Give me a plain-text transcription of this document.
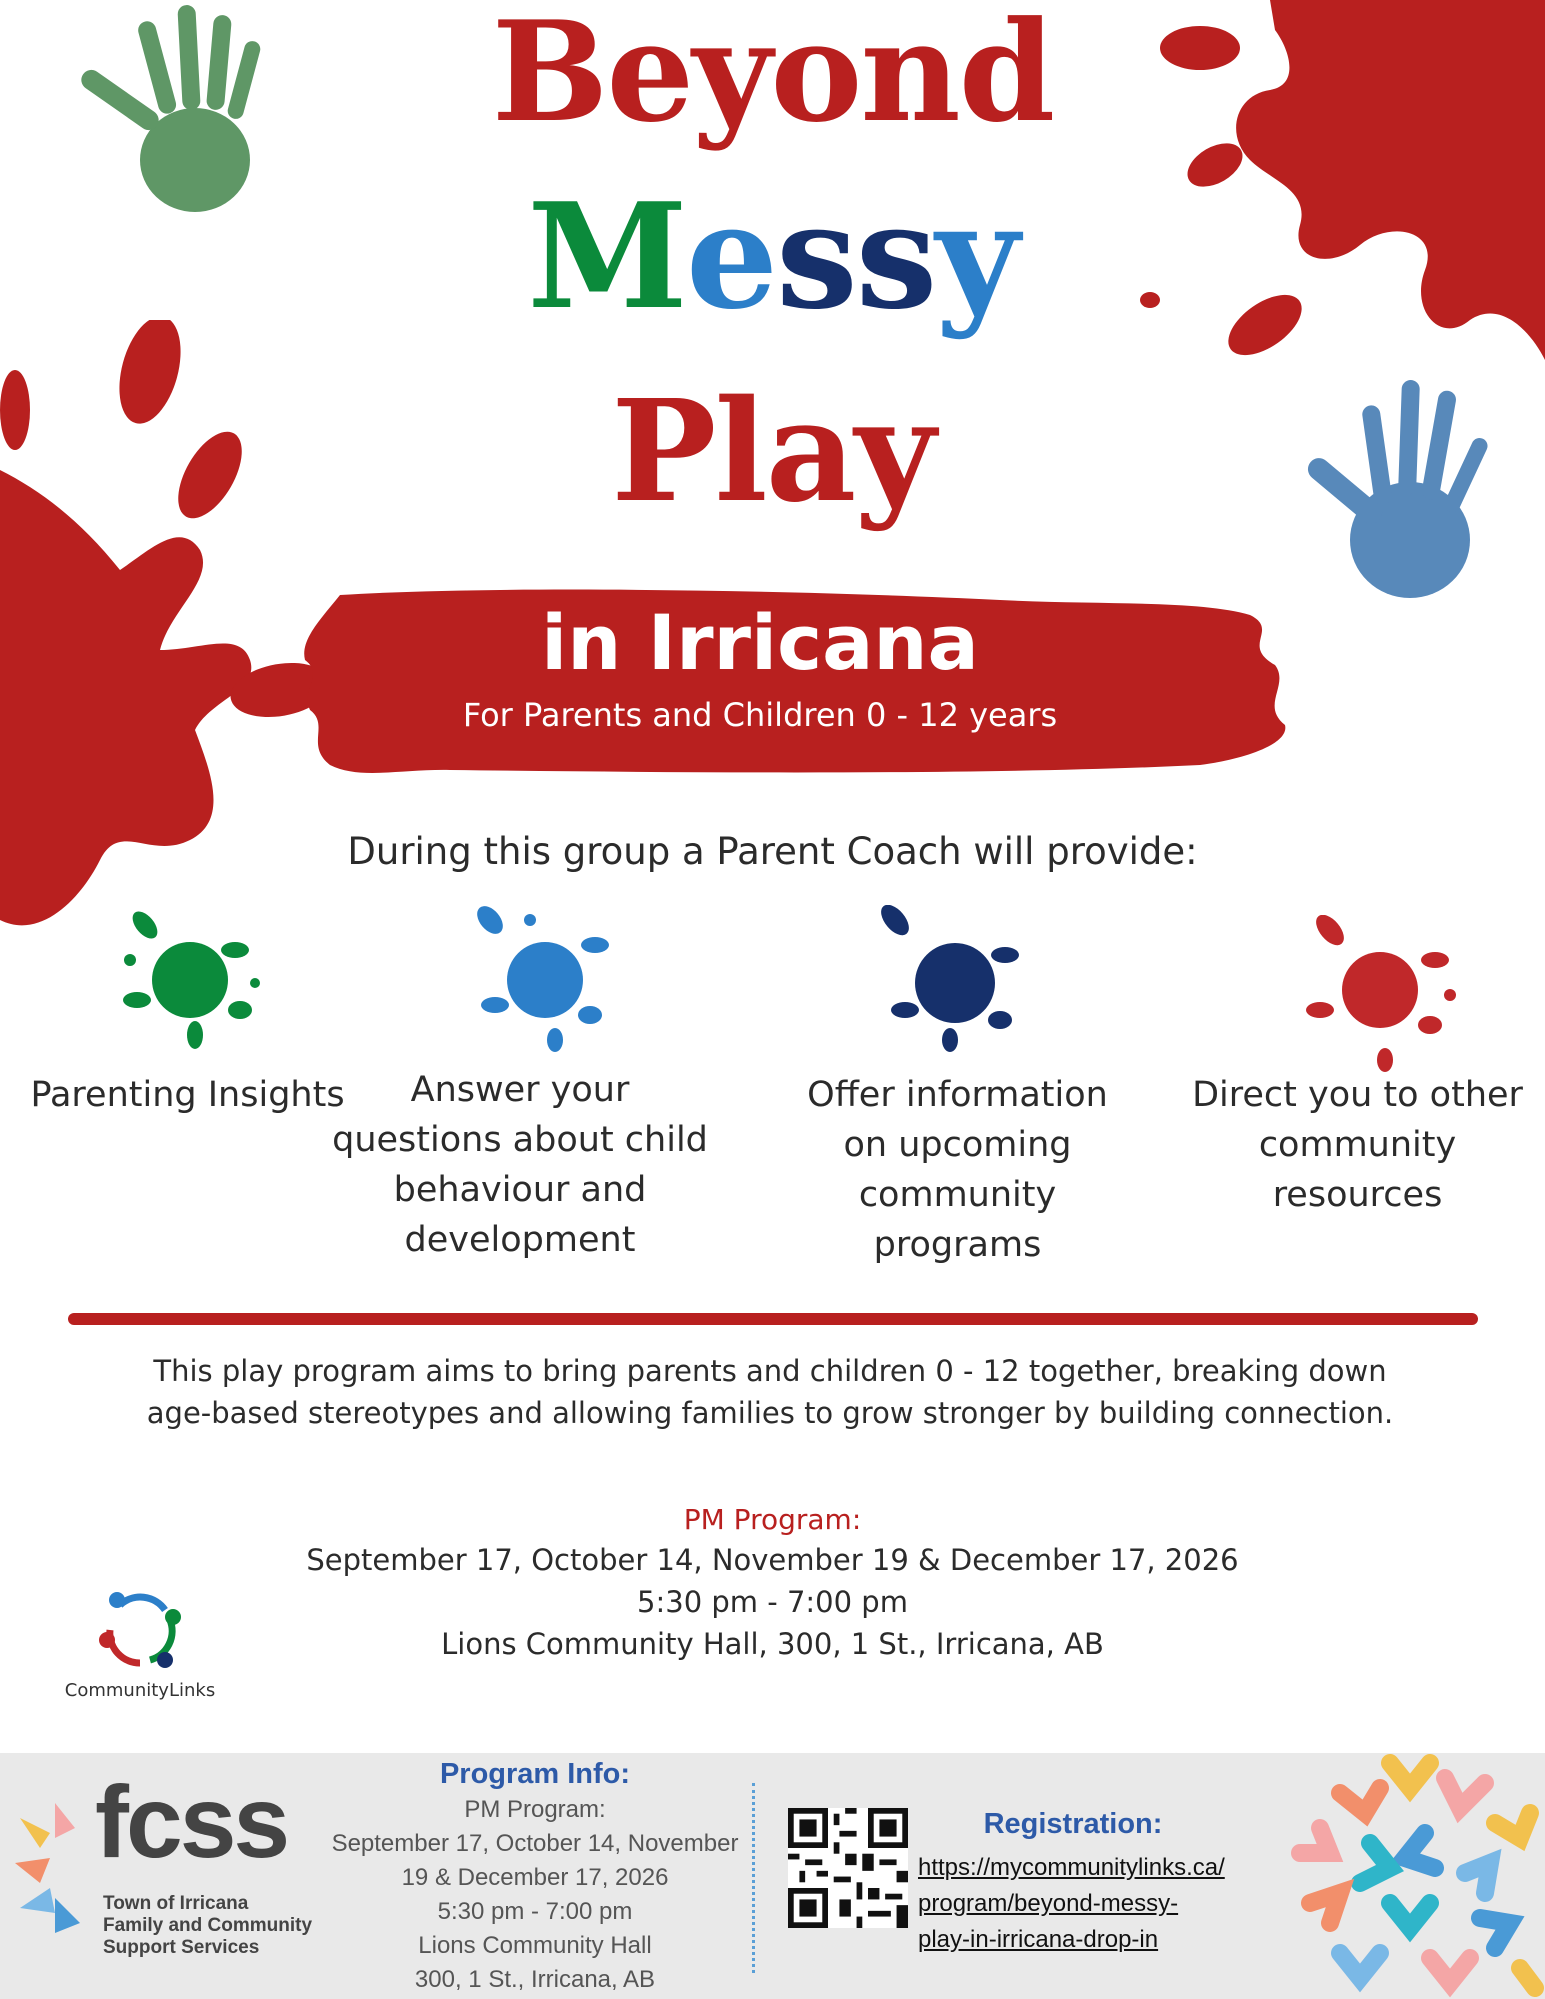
Beyond
Messy
Play
in Irricana
For Parents and Children 0 - 12 years
During this group a Parent Coach will provide:
Parenting Insights	Answer your questions about child behaviour and development
Offer information on upcoming community programs
Direct you to other community resources
This play program aims to bring parents and children 0 - 12 together, breaking down age-based stereotypes and allowing families to grow stronger by building connection.
PM Program:
September 17, October 14, November 19 & December 17, 2026
5:30 pm - 7:00 pm
Lions Community Hall, 300, 1 St., Irricana, AB
CommunityLinks
fcss
Town of Irricana
Family and Community
Support Services
Program Info:
PM Program:
September 17, October 14, November
19 & December 17, 2026
5:30 pm - 7:00 pm
Lions Community Hall
300, 1 St., Irricana, AB
Registration:
https://mycommunitylinks.ca/
program/beyond-messy-
play-in-irricana-drop-in
